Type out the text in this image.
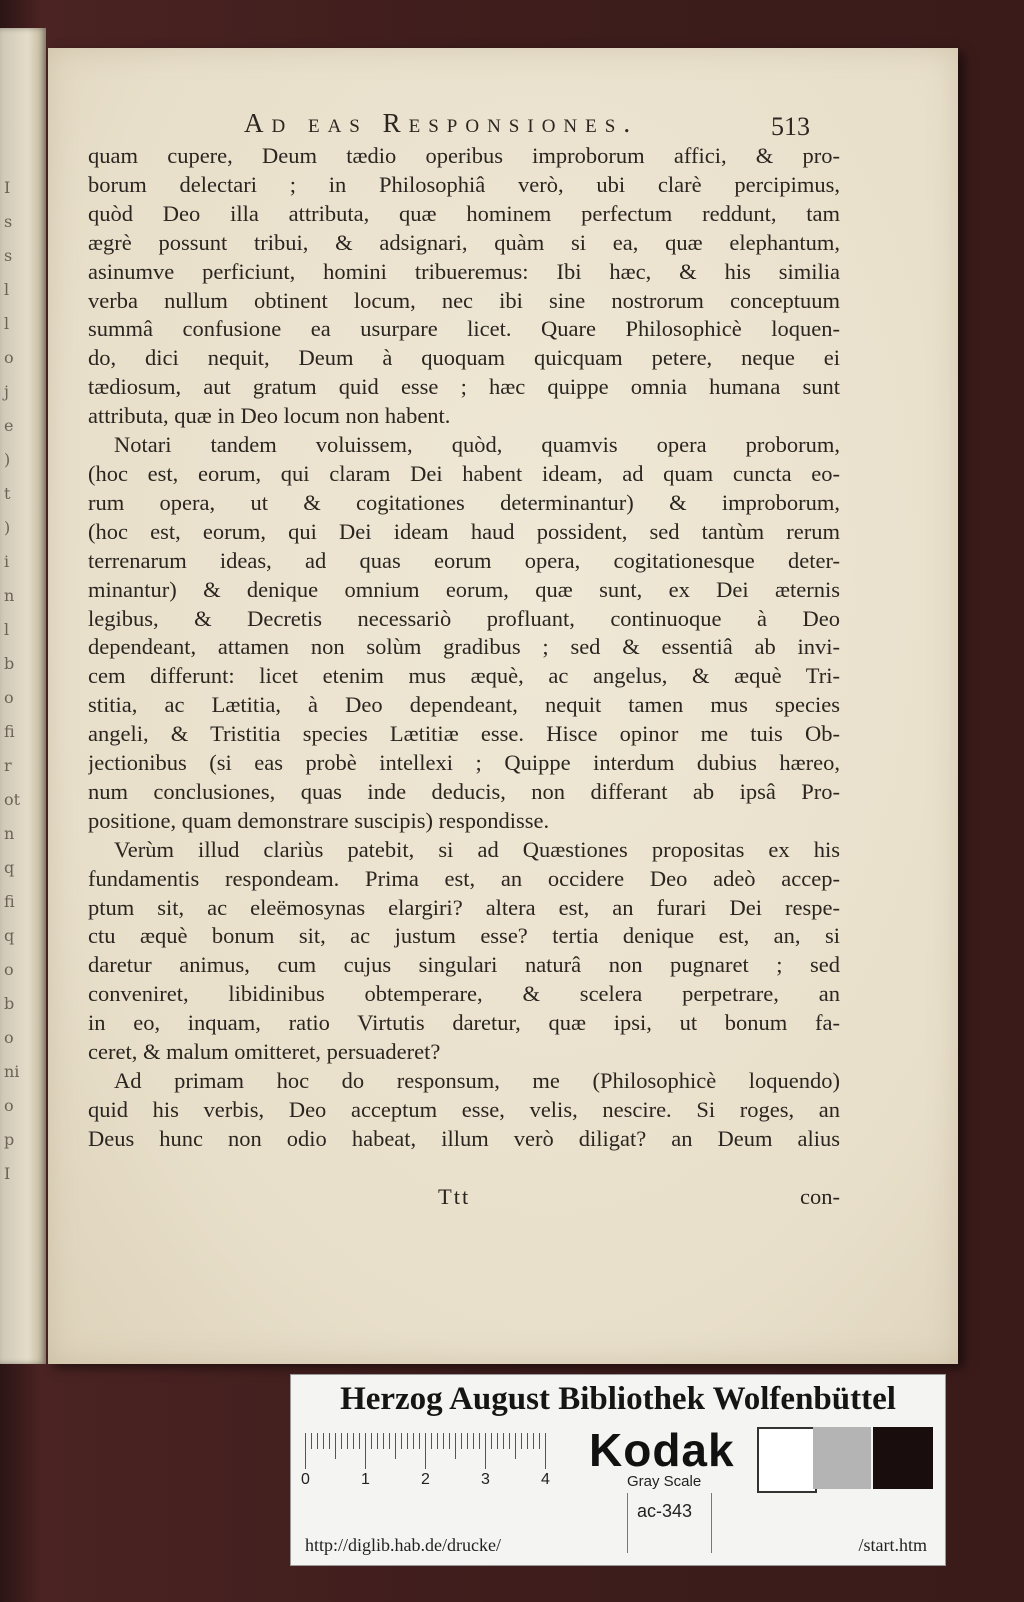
I
s
s
l
l
o
j
e
)
t
)
i
n
l
b
o
fi
r
ot
n
q
fi
q
o
b
o
ni
o
p
I
Ad eas Responsiones.	513
quam cupere, Deum tædio operibus improborum affici, & pro-
borum delectari ; in Philosophiâ verò, ubi clarè percipimus,
quòd Deo illa attributa, quæ hominem perfectum reddunt, tam
ægrè possunt tribui, & adsignari, quàm si ea, quæ elephantum,
asinumve perficiunt, homini tribueremus: Ibi hæc, & his similia
verba nullum obtinent locum, nec ibi sine nostrorum conceptuum
summâ confusione ea usurpare licet. Quare Philosophicè loquen-
do, dici nequit, Deum à quoquam quicquam petere, neque ei
tædiosum, aut gratum quid esse ; hæc quippe omnia humana sunt
attributa, quæ in Deo locum non habent.
Notari tandem voluissem, quòd, quamvis opera proborum,
(hoc est, eorum, qui claram Dei habent ideam, ad quam cuncta eo-
rum opera, ut & cogitationes determinantur) & improborum,
(hoc est, eorum, qui Dei ideam haud possident, sed tantùm rerum
terrenarum ideas, ad quas eorum opera, cogitationesque deter-
minantur) & denique omnium eorum, quæ sunt, ex Dei æternis
legibus, & Decretis necessariò profluant, continuoque à Deo
dependeant, attamen non solùm gradibus ; sed & essentiâ ab invi-
cem differunt: licet etenim mus æquè, ac angelus, & æquè Tri-
stitia, ac Lætitia, à Deo dependeant, nequit tamen mus species
angeli, & Tristitia species Lætitiæ esse. Hisce opinor me tuis Ob-
jectionibus (si eas probè intellexi ; Quippe interdum dubius hæreo,
num conclusiones, quas inde deducis, non differant ab ipsâ Pro-
positione, quam demonstrare suscipis) respondisse.
Verùm illud clariùs patebit, si ad Quæstiones propositas ex his
fundamentis respondeam. Prima est, an occidere Deo adeò accep-
ptum sit, ac eleëmosynas elargiri? altera est, an furari Dei respe-
ctu æquè bonum sit, ac justum esse? tertia denique est, an, si
daretur animus, cum cujus singulari naturâ non pugnaret ; sed
conveniret, libidinibus obtemperare, & scelera perpetrare, an
in eo, inquam, ratio Virtutis daretur, quæ ipsi, ut bonum fa-
ceret, & malum omitteret, persuaderet?
Ad primam hoc do responsum, me (Philosophicè loquendo)
quid his verbis, Deo acceptum esse, velis, nescire. Si roges, an
Deus hunc non odio habeat, illum verò diligat? an Deum alius
Ttt	con-
Herzog August Bibliothek Wolfenbüttel
0	1	2	3	4
Kodak
Gray Scale
http://diglib.hab.de/drucke/
ac-343
/start.htm
